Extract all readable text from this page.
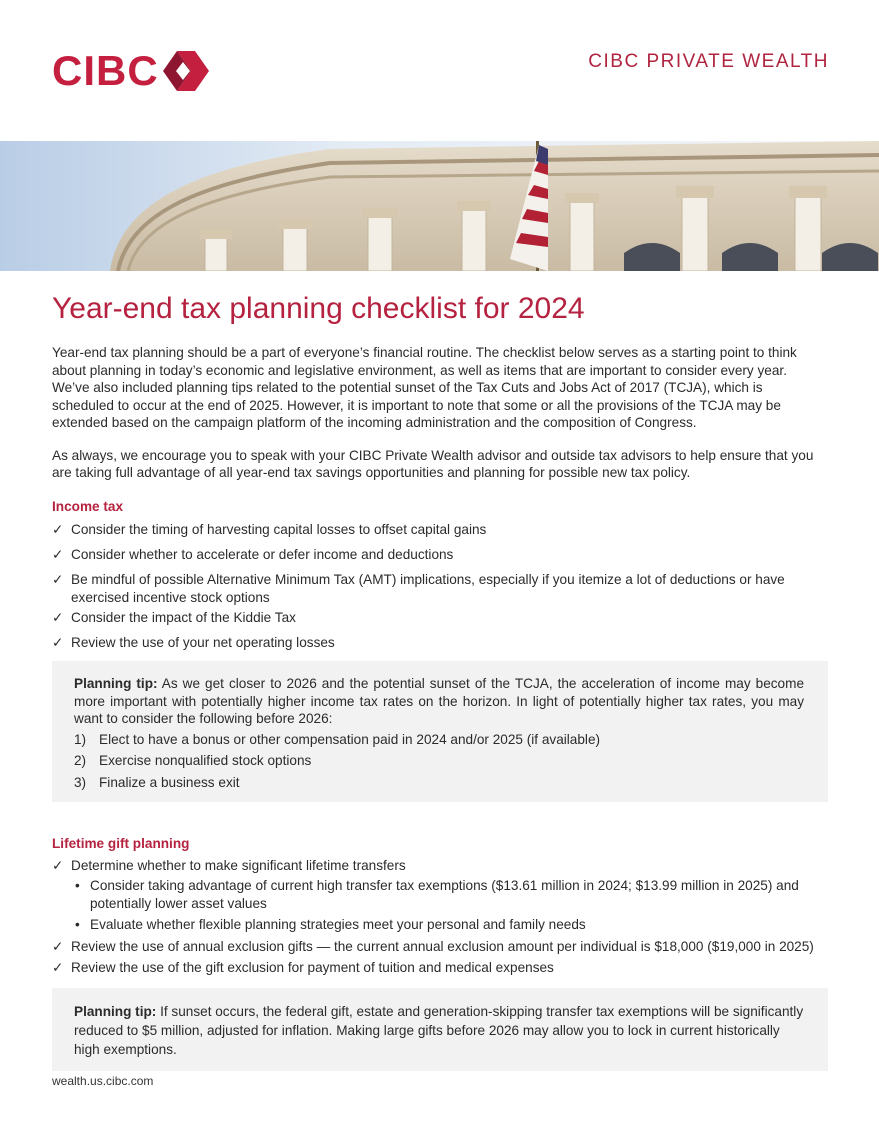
CIBC	CIBC PRIVATE WEALTH
Year-end tax planning checklist for 2024

Year-end tax planning should be a part of everyone’s financial routine. The checklist below serves as a starting point to think about planning in today’s economic and legislative environment, as well as items that are important to consider every year. We’ve also included planning tips related to the potential sunset of the Tax Cuts and Jobs Act of 2017 (TCJA), which is scheduled to occur at the end of 2025. However, it is important to note that some or all the provisions of the TCJA may be extended based on the campaign platform of the incoming administration and the composition of Congress.

As always, we encourage you to speak with your CIBC Private Wealth advisor and outside tax advisors to help ensure that you are taking full advantage of all year-end tax savings opportunities and planning for possible new tax policy.

Income tax
✓ Consider the timing of harvesting capital losses to offset capital gains
✓ Consider whether to accelerate or defer income and deductions
✓ Be mindful of possible Alternative Minimum Tax (AMT) implications, especially if you itemize a lot of deductions or have exercised incentive stock options
✓ Consider the impact of the Kiddie Tax
✓ Review the use of your net operating losses
Planning tip: As we get closer to 2026 and the potential sunset of the TCJA, the acceleration of income may become more important with potentially higher income tax rates on the horizon. In light of potentially higher tax rates, you may want to consider the following before 2026:
1) Elect to have a bonus or other compensation paid in 2024 and/or 2025 (if available)
2) Exercise nonqualified stock options
3) Finalize a business exit
Lifetime gift planning
✓ Determine whether to make significant lifetime transfers
• Consider taking advantage of current high transfer tax exemptions ($13.61 million in 2024; $13.99 million in 2025) and potentially lower asset values
• Evaluate whether flexible planning strategies meet your personal and family needs
✓ Review the use of annual exclusion gifts — the current annual exclusion amount per individual is $18,000 ($19,000 in 2025)
✓ Review the use of the gift exclusion for payment of tuition and medical expenses
Planning tip: If sunset occurs, the federal gift, estate and generation-skipping transfer tax exemptions will be significantly reduced to $5 million, adjusted for inflation. Making large gifts before 2026 may allow you to lock in current historically high exemptions.
wealth.us.cibc.com
